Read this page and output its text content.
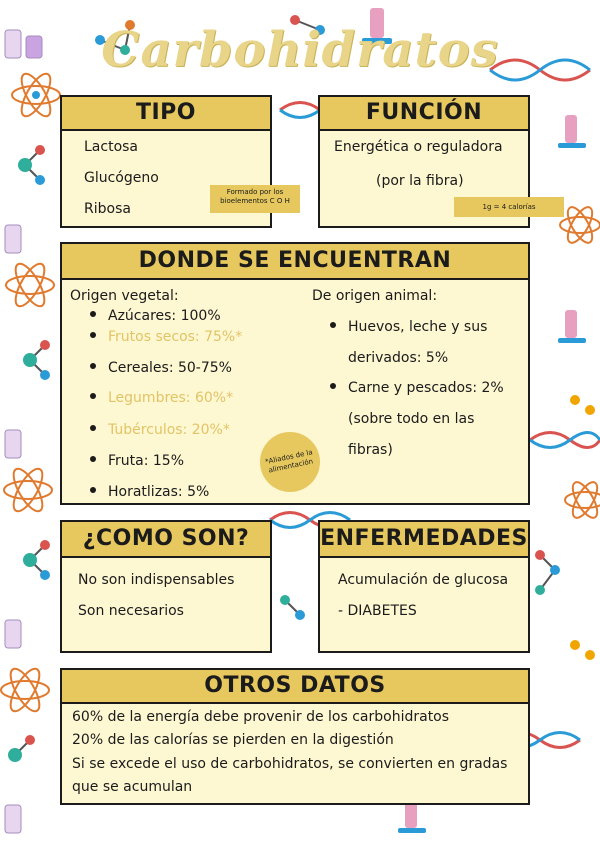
Carbohidratos
TIPO
Lactosa
Glucógeno
Ribosa
Formado por los bioelementos C O H
FUNCIÓN
Energética o reguladora
(por la fibra)
1g = 4 calorías
DONDE SE ENCUENTRAN
Origen vegetal:
Azúcares: 100%
Frutos secos: 75%*
Cereales: 50-75%
Legumbres: 60%*
Tubérculos: 20%*
Fruta: 15%
Horatlizas: 5%
De origen animal:
Huevos, leche y sus
derivados: 5%
Carne y pescados: 2%
(sobre todo en las
fibras)
*Aliados de la alimentación
¿COMO SON?
No son indispensables
Son necesarios
ENFERMEDADES
Acumulación de glucosa
- DIABETES
OTROS DATOS
60% de la energía debe provenir de los carbohidratos
20% de las calorías se pierden en la digestión
Si se excede el uso de carbohidratos, se convierten en gradas
que se acumulan
